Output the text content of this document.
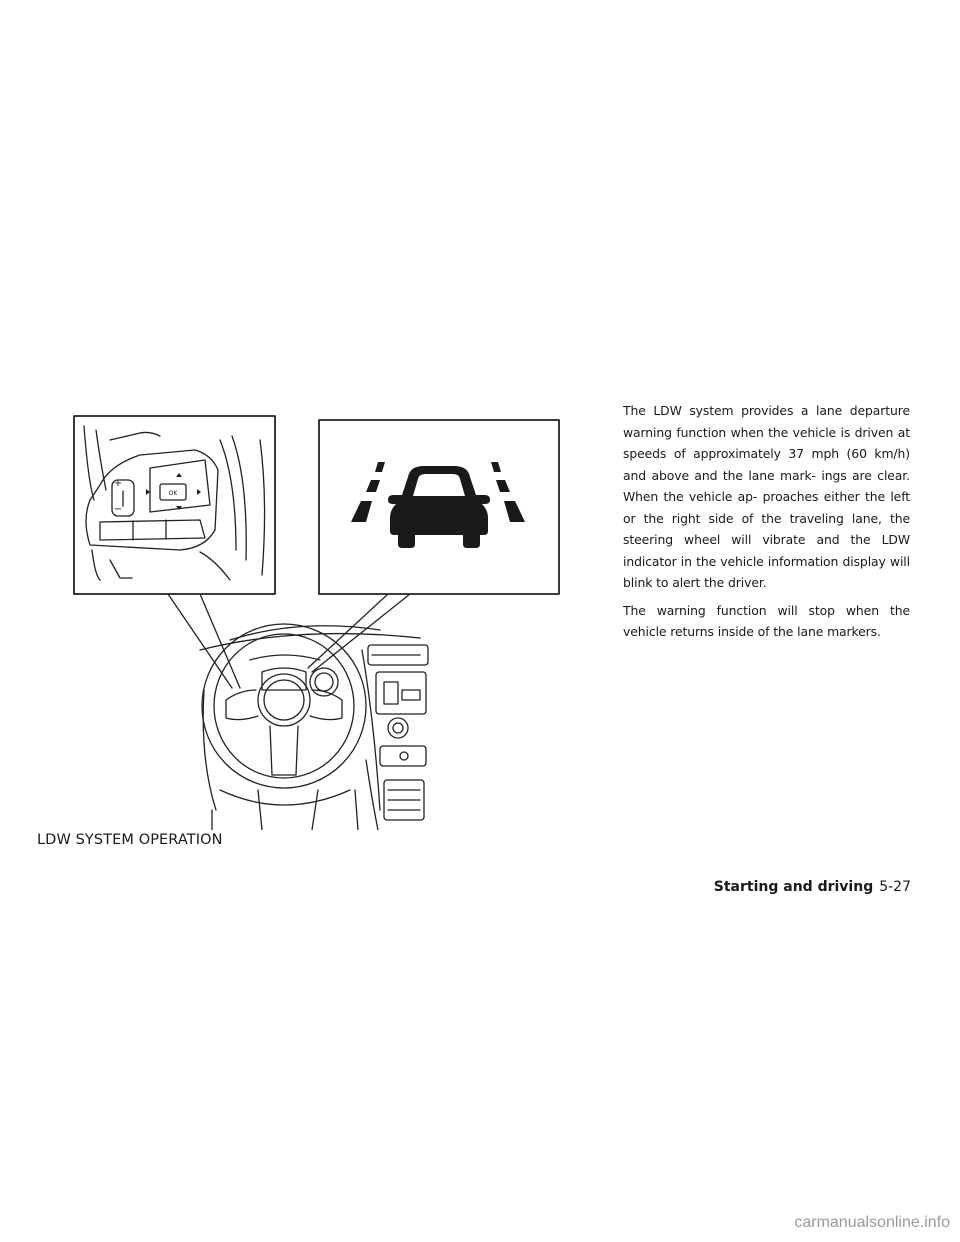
+
−
OK

The LDW system provides a lane departure warning function when the vehicle is driven at speeds of approximately 37 mph (60 km/h) and above and the lane mark- ings are clear. When the vehicle ap- proaches either the left or the right side of the traveling lane, the steering wheel will vibrate and the LDW indicator in the vehicle information display will blink to alert the driver.

The warning function will stop when the vehicle returns inside of the lane markers.

LDW SYSTEM OPERATION
Starting and driving 5-27
carmanualsonline.info
